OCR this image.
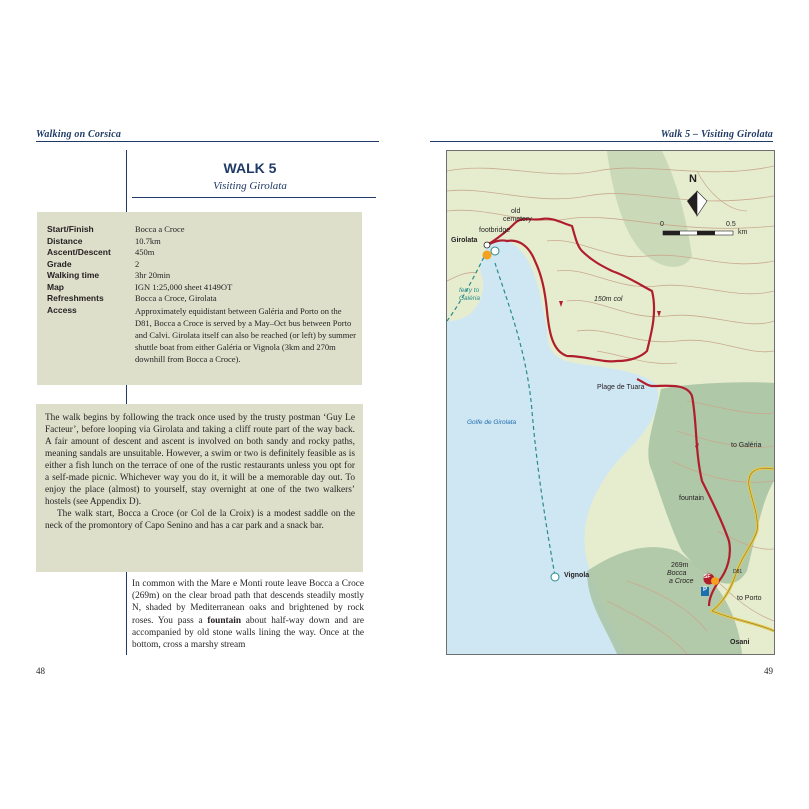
Walking on Corsica	Walk 5 – Visiting Girolata
WALK 5
Visiting Girolata
Start/Finish	Bocca a Croce
Distance	10.7km
Ascent/Descent	450m
Grade	2
Walking time	3hr 20min
Map	IGN 1:25,000 sheet 4149OT
Refreshments	Bocca a Croce, Girolata
Access	Approximately equidistant between Galéria and Porto on the D81, Bocca a Croce is served by a May–Oct bus between Porto and Calvi. Girolata itself can also be reached (or left) by summer shuttle boat from either Galéria or Vignola (3km and 270m downhill from Bocca a Croce).

The walk begins by following the track once used by the trusty postman ‘Guy Le Facteur’, before looping via Girolata and taking a cliff route part of the way back. A fair amount of descent and ascent is involved on both sandy and rocky paths, meaning sandals are unsuitable. However, a swim or two is definitely feasible as is either a fish lunch on the terrace of one of the rustic restaurants unless you opt for a self-made picnic. Whichever way you do it, it will be a memorable day out. To enjoy the place (almost) to yourself, stay overnight at one of the two walkers’ hostels (see Appendix D).

The walk start, Bocca a Croce (or Col de la Croix) is a modest saddle on the neck of the promontory of Capo Senino and has a car park and a snack bar.

In common with the Mare e Monti route leave Bocca a Croce (269m) on the clear broad path that descends steadily mostly N, shaded by Mediterranean oaks and brightened by rock roses. You pass a fountain about half-way down and are accompanied by old stone walls lining the way. Once at the bottom, cross a marshy stream

48	49
N
0	0.5
km
old
cemetery
footbridge
Girolata
ferry to
Galéria	150m col
Plage de Tuara
Golfe de Girolata
to Galéria
fountain
269m
Bocca
a Croce
Vignola
to Porto
Osani
SF
P
D81
